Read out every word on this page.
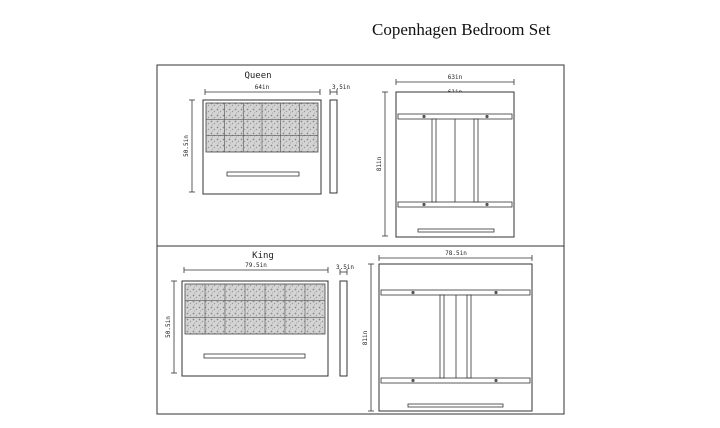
Copenhagen Bedroom Set
Queen
64in
50.5in
3.5in
63in
81in
King
79.5in
50.5in
3.5in
78.5in
81in
